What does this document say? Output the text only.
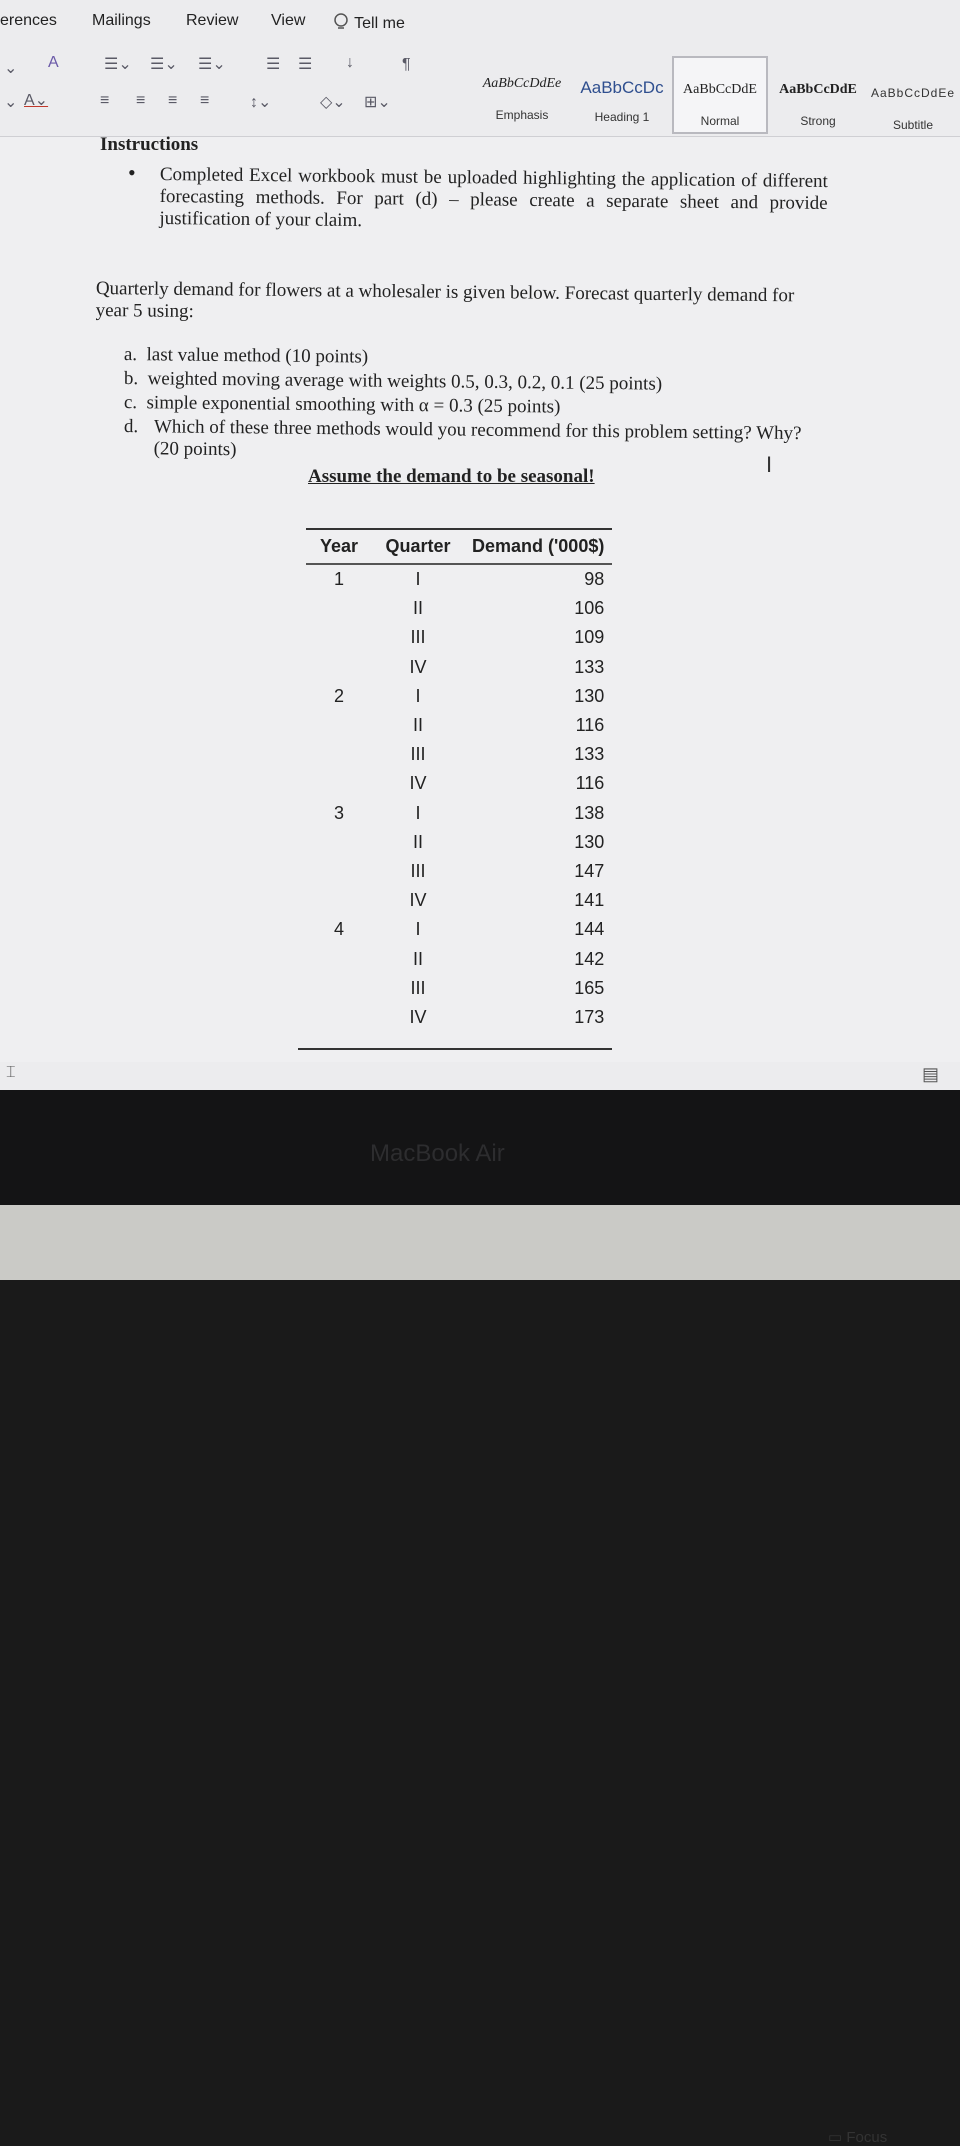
erences Mailings Review View	Tell me
⌄ A	☰⌄ ☰⌄ ☰⌄	☰ ☰ ↓	¶
⌄ A⌄	≡ ≡ ≡ ≡	↕⌄	◇⌄ ⊞⌄
AaBbCcDdEe
Emphasis
AaBbCcDc
Heading 1
AaBbCcDdE
Normal
AaBbCcDdE
Strong
AaBbCcDdEe
Subtitle
Instructions
• Completed Excel workbook must be uploaded highlighting the application of different forecasting methods. For part (d) – please create a separate sheet and provide justification of your claim.
Quarterly demand for flowers at a wholesaler is given below. Forecast quarterly demand for year 5 using:
a. last value method (10 points)
b. weighted moving average with weights 0.5, 0.3, 0.2, 0.1 (25 points)
c. simple exponential smoothing with α = 0.3 (25 points)
d. Which of these three methods would you recommend for this problem setting? Why? (20 points)
Assume the demand to be seasonal!	I
Year	Quarter	Demand ('000$)
1	I	98
	II	106
	III	109
	IV	133
2	I	130
	II	116
	III	133
	IV	116
3	I	138
	II	130
	III	147
	IV	141
4	I	144
	II	142
	III	165
	IV	173
⌶
▭ Focus
▤
MacBook Air
